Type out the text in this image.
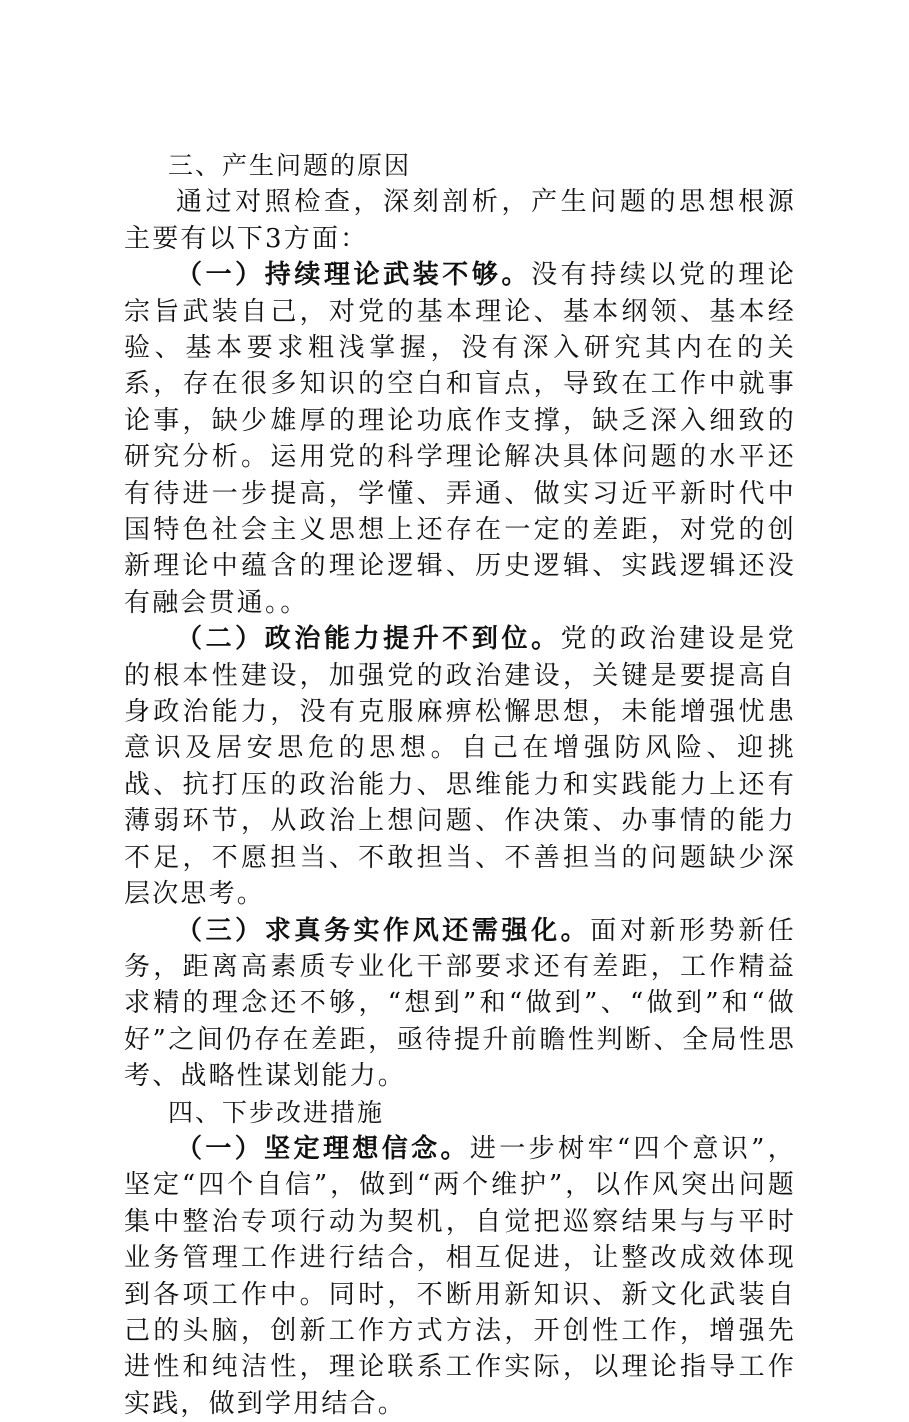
三、产生问题的原因

通过对照检查，深刻剖析，产生问题的思想根源主要有以下3方面：

（一）持续理论武装不够。没有持续以党的理论宗旨武装自己，对党的基本理论、基本纲领、基本经验、基本要求粗浅掌握，没有深入研究其内在的关系，存在很多知识的空白和盲点，导致在工作中就事论事，缺少雄厚的理论功底作支撑，缺乏深入细致的研究分析。运用党的科学理论解决具体问题的水平还有待进一步提高，学懂、弄通、做实习近平新时代中国特色社会主义思想上还存在一定的差距，对党的创新理论中蕴含的理论逻辑、历史逻辑、实践逻辑还没有融会贯通。。

（二）政治能力提升不到位。党的政治建设是党的根本性建设，加强党的政治建设，关键是要提高自身政治能力，没有克服麻痹松懈思想，未能增强忧患意识及居安思危的思想。自己在增强防风险、迎挑战、抗打压的政治能力、思维能力和实践能力上还有薄弱环节，从政治上想问题、作决策、办事情的能力不足，不愿担当、不敢担当、不善担当的问题缺少深层次思考。

（三）求真务实作风还需强化。面对新形势新任务，距离高素质专业化干部要求还有差距，工作精益求精的理念还不够，“想到”和“做到”、“做到”和“做好”之间仍存在差距，亟待提升前瞻性判断、全局性思考、战略性谋划能力。

四、下步改进措施

（一）坚定理想信念。进一步树牢“四个意识”，坚定“四个自信”，做到“两个维护”，以作风突出问题集中整治专项行动为契机，自觉把巡察结果与与平时业务管理工作进行结合，相互促进，让整改成效体现到各项工作中。同时，不断用新知识、新文化武装自己的头脑，创新工作方式方法，开创性工作，增强先进性和纯洁性，理论联系工作实际，以理论指导工作实践，做到学用结合。
